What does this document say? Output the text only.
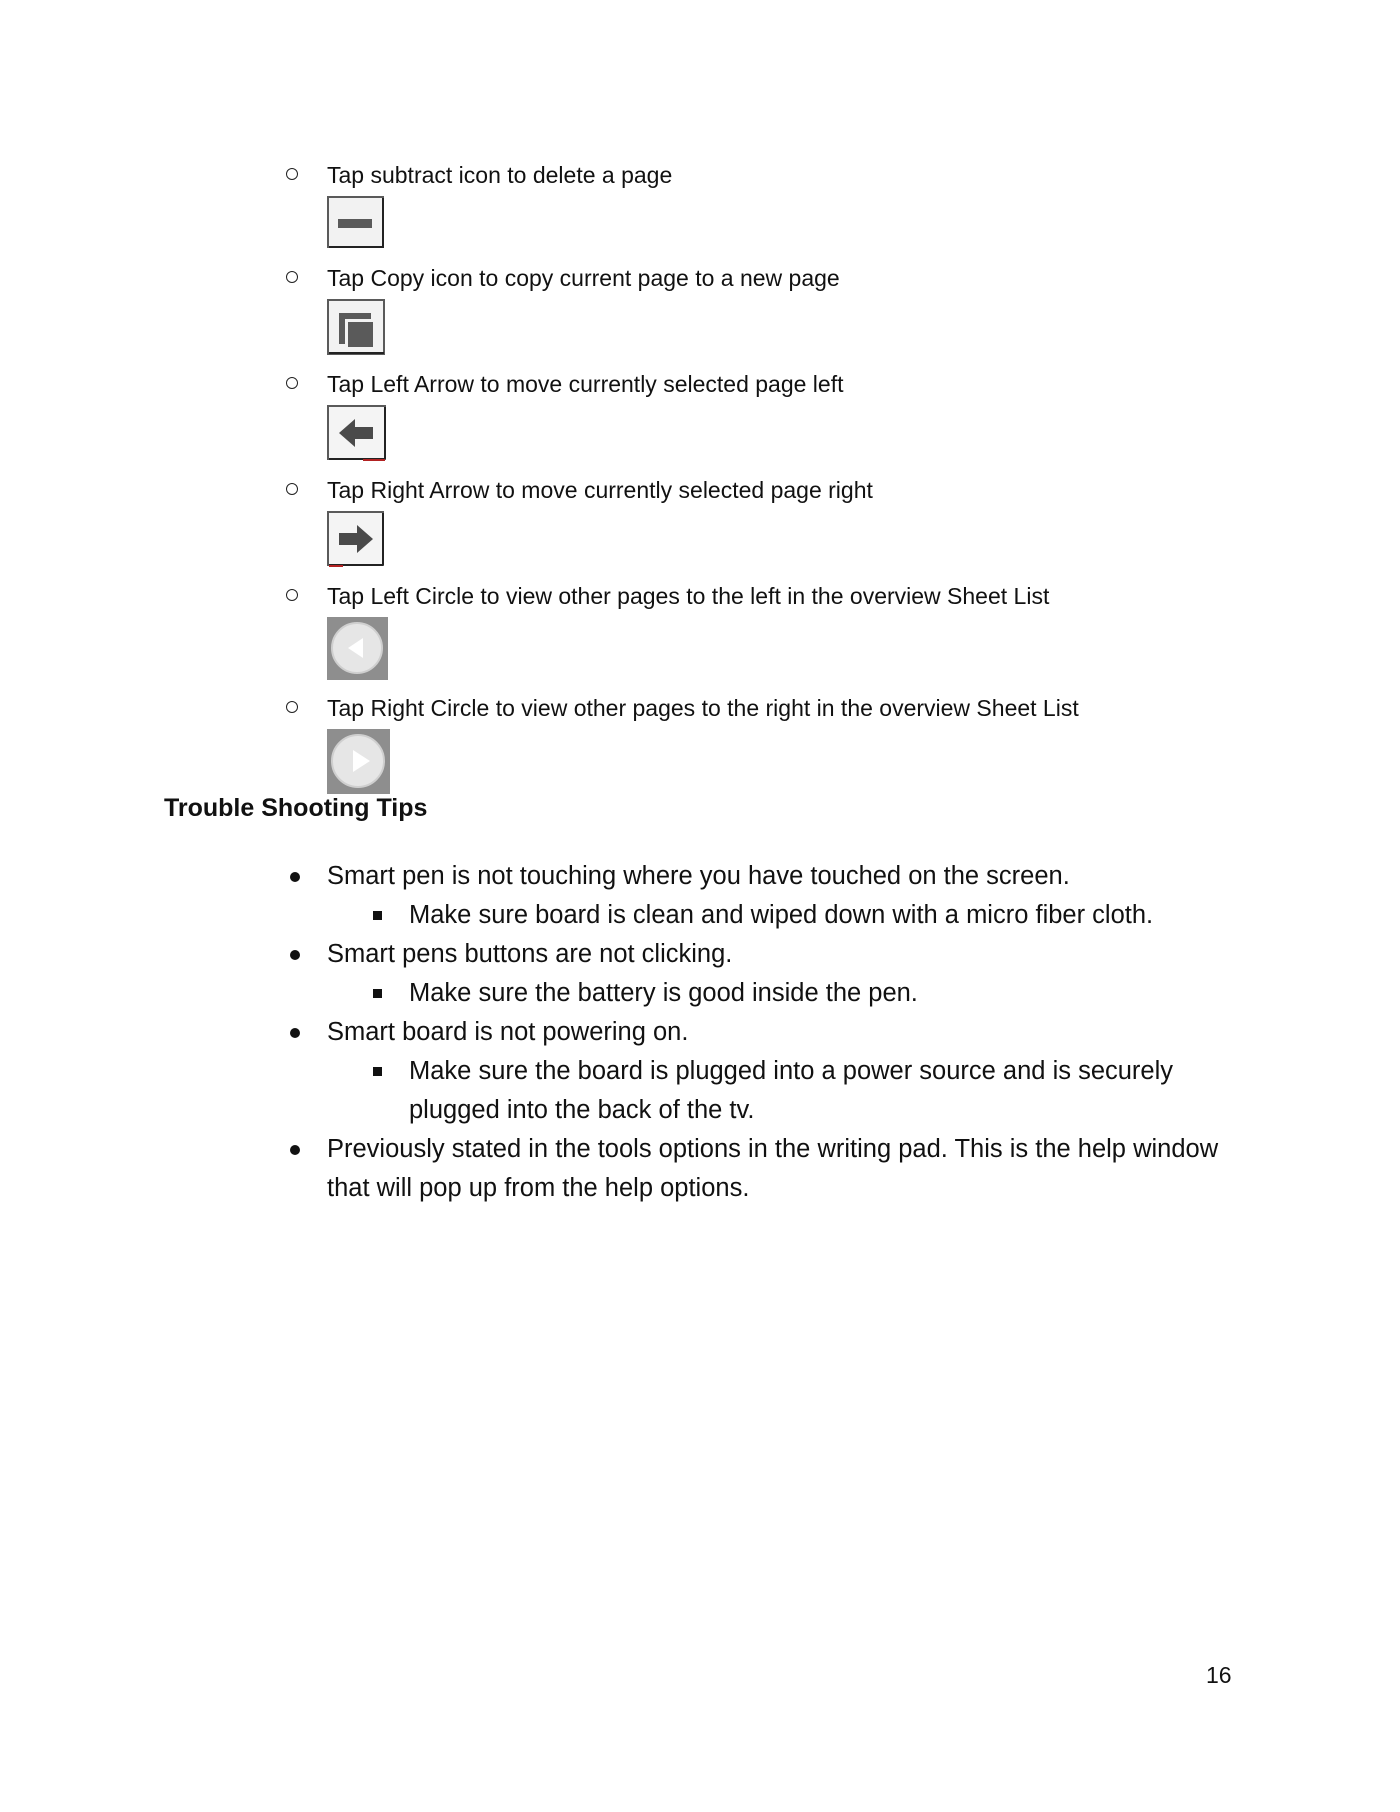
Tap subtract icon to delete a page
Tap Copy icon to copy current page to a new page
Tap Left Arrow to move currently selected page left
Tap Right Arrow to move currently selected page right
Tap Left Circle to view other pages to the left in the overview Sheet List
Tap Right Circle to view other pages to the right in the overview Sheet List
Trouble Shooting Tips
Smart pen is not touching where you have touched on the screen.
Make sure board is clean and wiped down with a micro fiber cloth.
Smart pens buttons are not clicking.
Make sure the battery is good inside the pen.
Smart board is not powering on.
Make sure the board is plugged into a power source and is securely plugged into the back of the tv.
Previously stated in the tools options in the writing pad. This is the help window that will pop up from the help options.
16
